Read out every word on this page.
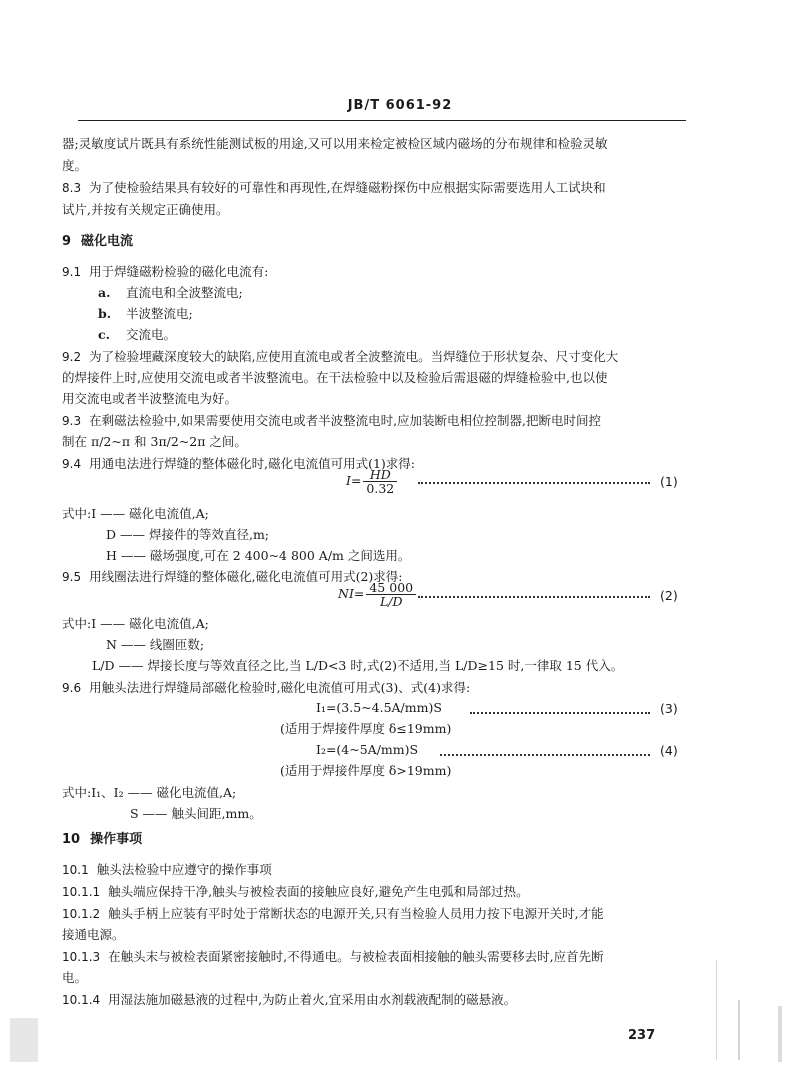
JB/T 6061-92
器;灵敏度试片既具有系统性能测试板的用途,又可以用来检定被检区域内磁场的分布规律和检验灵敏
度。
8.3 为了使检验结果具有较好的可靠性和再现性,在焊缝磁粉探伤中应根据实际需要选用人工试块和
试片,并按有关规定正确使用。
9 磁化电流
9.1 用于焊缝磁粉检验的磁化电流有:
a. 直流电和全波整流电;
b. 半波整流电;
c. 交流电。
9.2 为了检验埋藏深度较大的缺陷,应使用直流电或者全波整流电。当焊缝位于形状复杂、尺寸变化大
的焊接件上时,应使用交流电或者半波整流电。在干法检验中以及检验后需退磁的焊缝检验中,也以使
用交流电或者半波整流电为好。
9.3 在剩磁法检验中,如果需要使用交流电或者半波整流电时,应加装断电相位控制器,把断电时间控
制在 π/2~π 和 3π/2~2π 之间。
9.4 用通电法进行焊缝的整体磁化时,磁化电流值可用式(1)求得:
$I= \frac{HD}{0.32}$	(1)
式中:I —— 磁化电流值,A;
D —— 焊接件的等效直径,m;
H —— 磁场强度,可在 2 400~4 800 A/m 之间选用。
9.5 用线圈法进行焊缝的整体磁化,磁化电流值可用式(2)求得:
$NI= \frac{45 000}{L/D}$	(2)
式中:I —— 磁化电流值,A;
N —— 线圈匝数;
L/D —— 焊接长度与等效直径之比,当 L/D<3 时,式(2)不适用,当 L/D≥15 时,一律取 15 代入。
9.6 用触头法进行焊缝局部磁化检验时,磁化电流值可用式(3)、式(4)求得:
I₁=(3.5~4.5A/mm)S	(3)
(适用于焊接件厚度 δ≤19mm)
I₂=(4~5A/mm)S	(4)
(适用于焊接件厚度 δ>19mm)
式中:I₁、I₂ —— 磁化电流值,A;
S —— 触头间距,mm。
10 操作事项
10.1 触头法检验中应遵守的操作事项
10.1.1 触头端应保持干净,触头与被检表面的接触应良好,避免产生电弧和局部过热。
10.1.2 触头手柄上应装有平时处于常断状态的电源开关,只有当检验人员用力按下电源开关时,才能
接通电源。
10.1.3 在触头末与被检表面紧密接触时,不得通电。与被检表面相接触的触头需要移去时,应首先断
电。
10.1.4 用湿法施加磁悬液的过程中,为防止着火,宜采用由水剂载液配制的磁悬液。
237
